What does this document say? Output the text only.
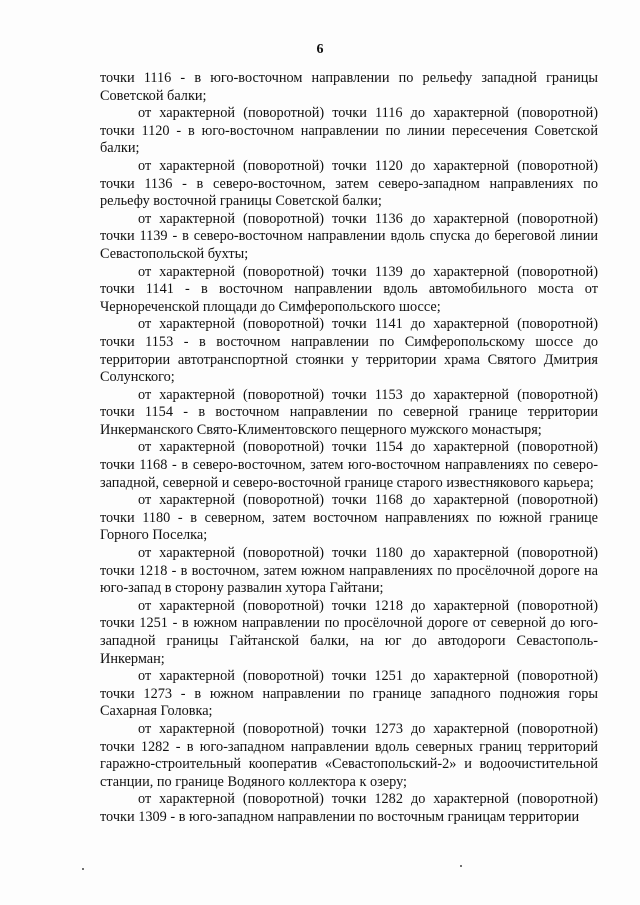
6

точки 1116 - в юго-восточном направлении по рельефу западной границы Советской балки;

от характерной (поворотной) точки 1116 до характерной (поворотной) точки 1120 - в юго-восточном направлении по линии пересечения Советской балки;

от характерной (поворотной) точки 1120 до характерной (поворотной) точки 1136 - в северо-восточном, затем северо-западном направлениях по рельефу восточной границы Советской балки;

от характерной (поворотной) точки 1136 до характерной (поворотной) точки 1139 - в северо-восточном направлении вдоль спуска до береговой линии Севастопольской бухты;

от характерной (поворотной) точки 1139 до характерной (поворотной) точки 1141 - в восточном направлении вдоль автомобильного моста от Чернореченской площади до Симферопольского шоссе;

от характерной (поворотной) точки 1141 до характерной (поворотной) точки 1153 - в восточном направлении по Симферопольскому шоссе до территории автотранспортной стоянки у территории храма Святого Дмитрия Солунского;

от характерной (поворотной) точки 1153 до характерной (поворотной) точки 1154 - в восточном направлении по северной границе территории Инкерманского Свято-Климентовского пещерного мужского монастыря;

от характерной (поворотной) точки 1154 до характерной (поворотной) точки 1168 - в северо-восточном, затем юго-восточном направлениях по северо-западной, северной и северо-восточной границе старого известнякового карьера;

от характерной (поворотной) точки 1168 до характерной (поворотной) точки 1180 - в северном, затем восточном направлениях по южной границе Горного Поселка;

от характерной (поворотной) точки 1180 до характерной (поворотной) точки 1218 - в восточном, затем южном направлениях по просёлочной дороге на юго-запад в сторону развалин хутора Гайтани;

от характерной (поворотной) точки 1218 до характерной (поворотной) точки 1251 - в южном направлении по просёлочной дороге от северной до юго-западной границы Гайтанской балки, на юг до автодороги Севастополь-Инкерман;

от характерной (поворотной) точки 1251 до характерной (поворотной) точки 1273 - в южном направлении по границе западного подножия горы Сахарная Головка;

от характерной (поворотной) точки 1273 до характерной (поворотной) точки 1282 - в юго-западном направлении вдоль северных границ территорий гаражно-строительный кооператив «Севастопольский-2» и водоочистительной станции, по границе Водяного коллектора к озеру;

от характерной (поворотной) точки 1282 до характерной (поворотной) точки 1309 - в юго-западном направлении по восточным границам территории
